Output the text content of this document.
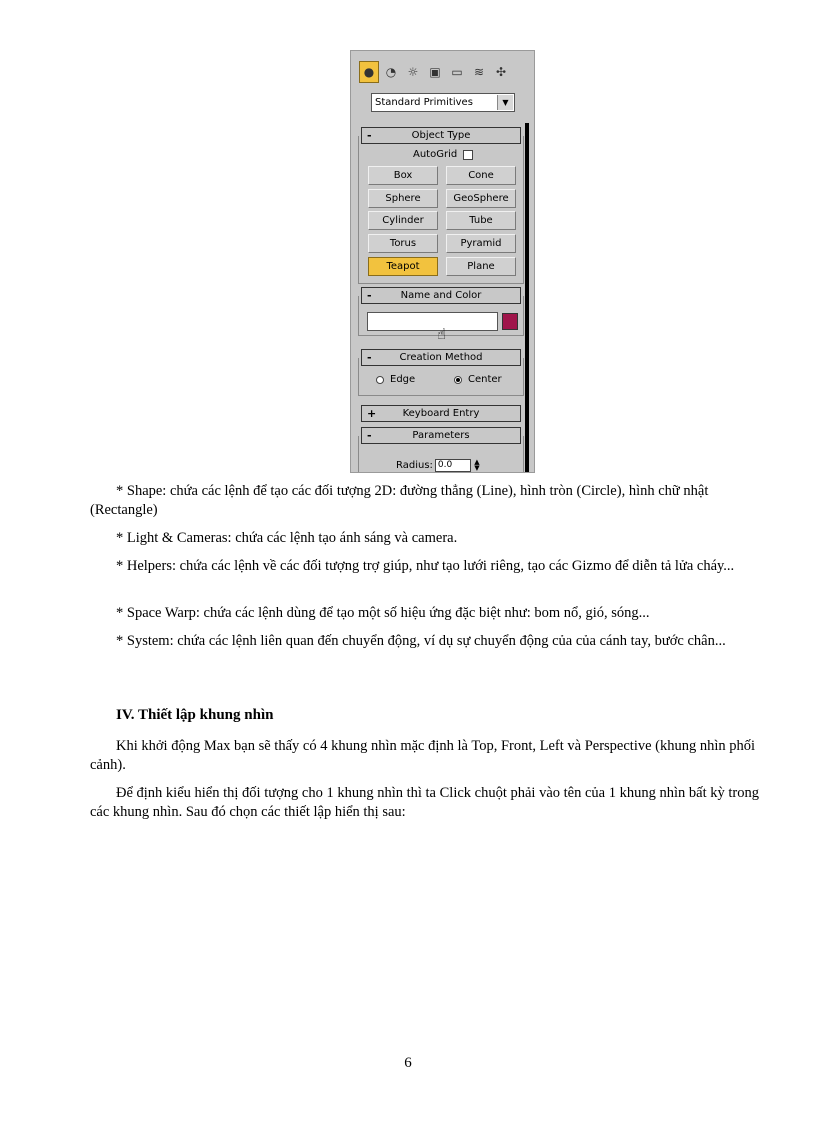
● ◔ ☼ ▣ ▭ ≋ ✣
Standard Primitives	▼
-	Object Type
AutoGrid
Box	Cone
Sphere	GeoSphere
Cylinder	Tube
Torus	Pyramid
Teapot	Plane
-	Name and Color
☝
-	Creation Method
Edge	Center
+	Keyboard Entry
-	Parameters
Radius: 0.0	▲
▼

* Shape: chứa các lệnh để tạo các đối tượng 2D: đường thẳng (Line), hình tròn (Circle), hình chữ nhật (Rectangle)

* Light & Cameras: chứa các lệnh tạo ánh sáng và camera.

* Helpers: chứa các lệnh về các đối tượng trợ giúp, như tạo lưới riêng, tạo các Gizmo để diễn tả lửa cháy...

* Space Warp: chứa các lệnh dùng để tạo một số hiệu ứng đặc biệt như: bom nổ, gió, sóng...

* System: chứa các lệnh liên quan đến chuyển động, ví dụ sự chuyển động của của cánh tay, bước chân...

IV. Thiết lập khung nhìn

Khi khởi động Max bạn sẽ thấy có 4 khung nhìn mặc định là Top, Front, Left và Perspective (khung nhìn phối cảnh).

Để định kiểu hiển thị đối tượng cho 1 khung nhìn thì ta Click chuột phải vào tên của 1 khung nhìn bất kỳ trong các khung nhìn. Sau đó chọn các thiết lập hiển thị sau:

6
